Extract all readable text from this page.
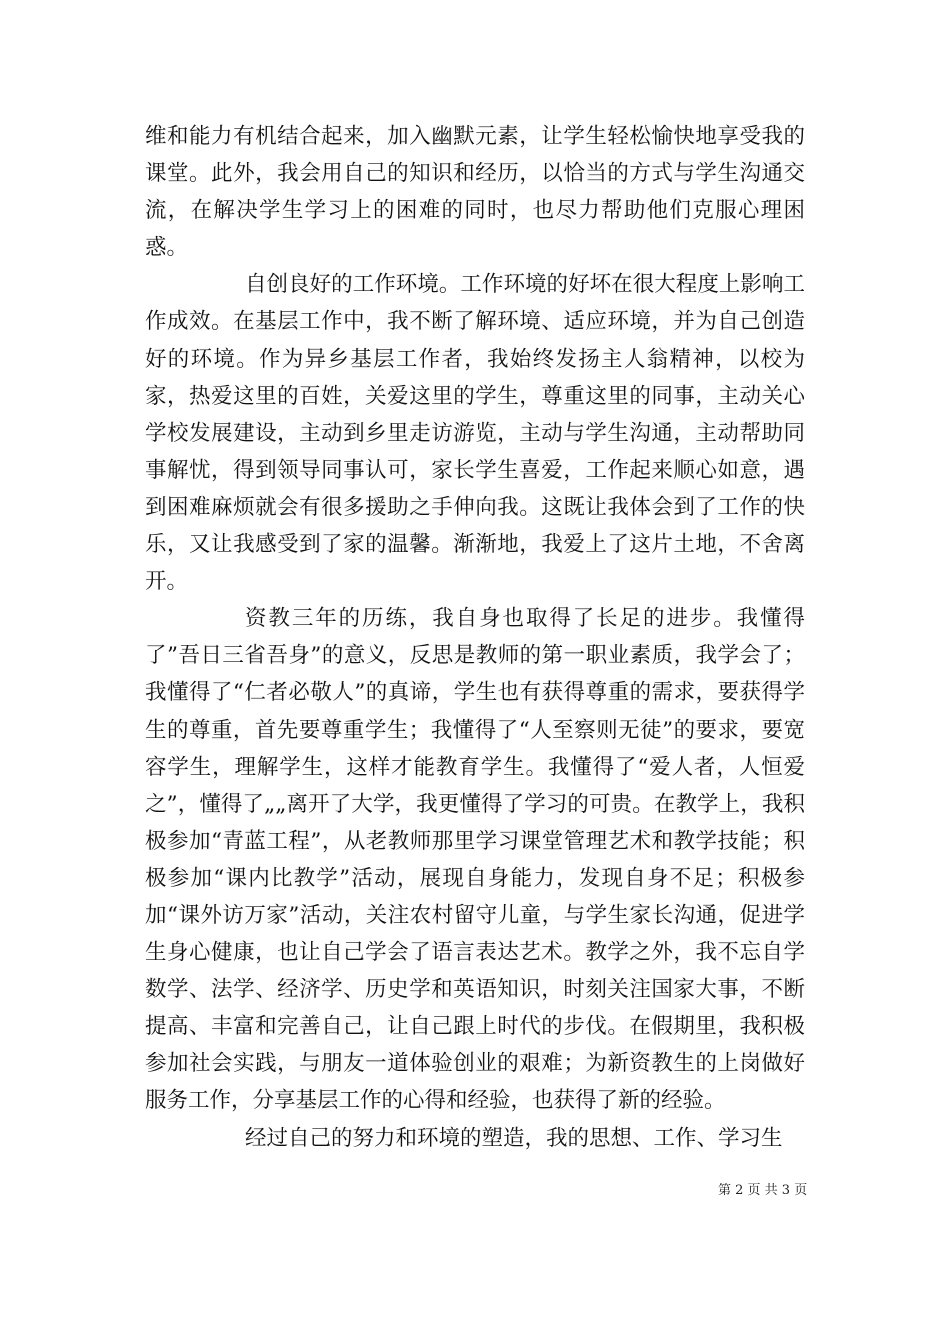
维和能力有机结合起来，加入幽默元素，让学生轻松愉快地享受我的课堂。此外，我会用自己的知识和经历，以恰当的方式与学生沟通交流，在解决学生学习上的困难的同时，也尽力帮助他们克服心理困惑。

自创良好的工作环境。工作环境的好坏在很大程度上影响工作成效。在基层工作中，我不断了解环境、适应环境，并为自己创造好的环境。作为异乡基层工作者，我始终发扬主人翁精神，以校为家，热爱这里的百姓，关爱这里的学生，尊重这里的同事，主动关心学校发展建设，主动到乡里走访游览，主动与学生沟通，主动帮助同事解忧，得到领导同事认可，家长学生喜爱，工作起来顺心如意，遇到困难麻烦就会有很多援助之手伸向我。这既让我体会到了工作的快乐，又让我感受到了家的温馨。渐渐地，我爱上了这片土地，不舍离开。

资教三年的历练，我自身也取得了长足的进步。我懂得了”吾日三省吾身”的意义，反思是教师的第一职业素质，我学会了；我懂得了“仁者必敬人”的真谛，学生也有获得尊重的需求，要获得学生的尊重，首先要尊重学生；我懂得了“人至察则无徒”的要求，要宽容学生，理解学生，这样才能教育学生。我懂得了“爱人者，人恒爱之”，懂得了„„离开了大学，我更懂得了学习的可贵。在教学上，我积极参加“青蓝工程”，从老教师那里学习课堂管理艺术和教学技能；积极参加“课内比教学”活动，展现自身能力，发现自身不足；积极参加“课外访万家”活动，关注农村留守儿童，与学生家长沟通，促进学生身心健康，也让自己学会了语言表达艺术。教学之外，我不忘自学数学、法学、经济学、历史学和英语知识，时刻关注国家大事，不断提高、丰富和完善自己，让自己跟上时代的步伐。在假期里，我积极参加社会实践，与朋友一道体验创业的艰难；为新资教生的上岗做好服务工作，分享基层工作的心得和经验，也获得了新的经验。

经过自己的努力和环境的塑造，我的思想、工作、学习生

第 2 页 共 3 页
